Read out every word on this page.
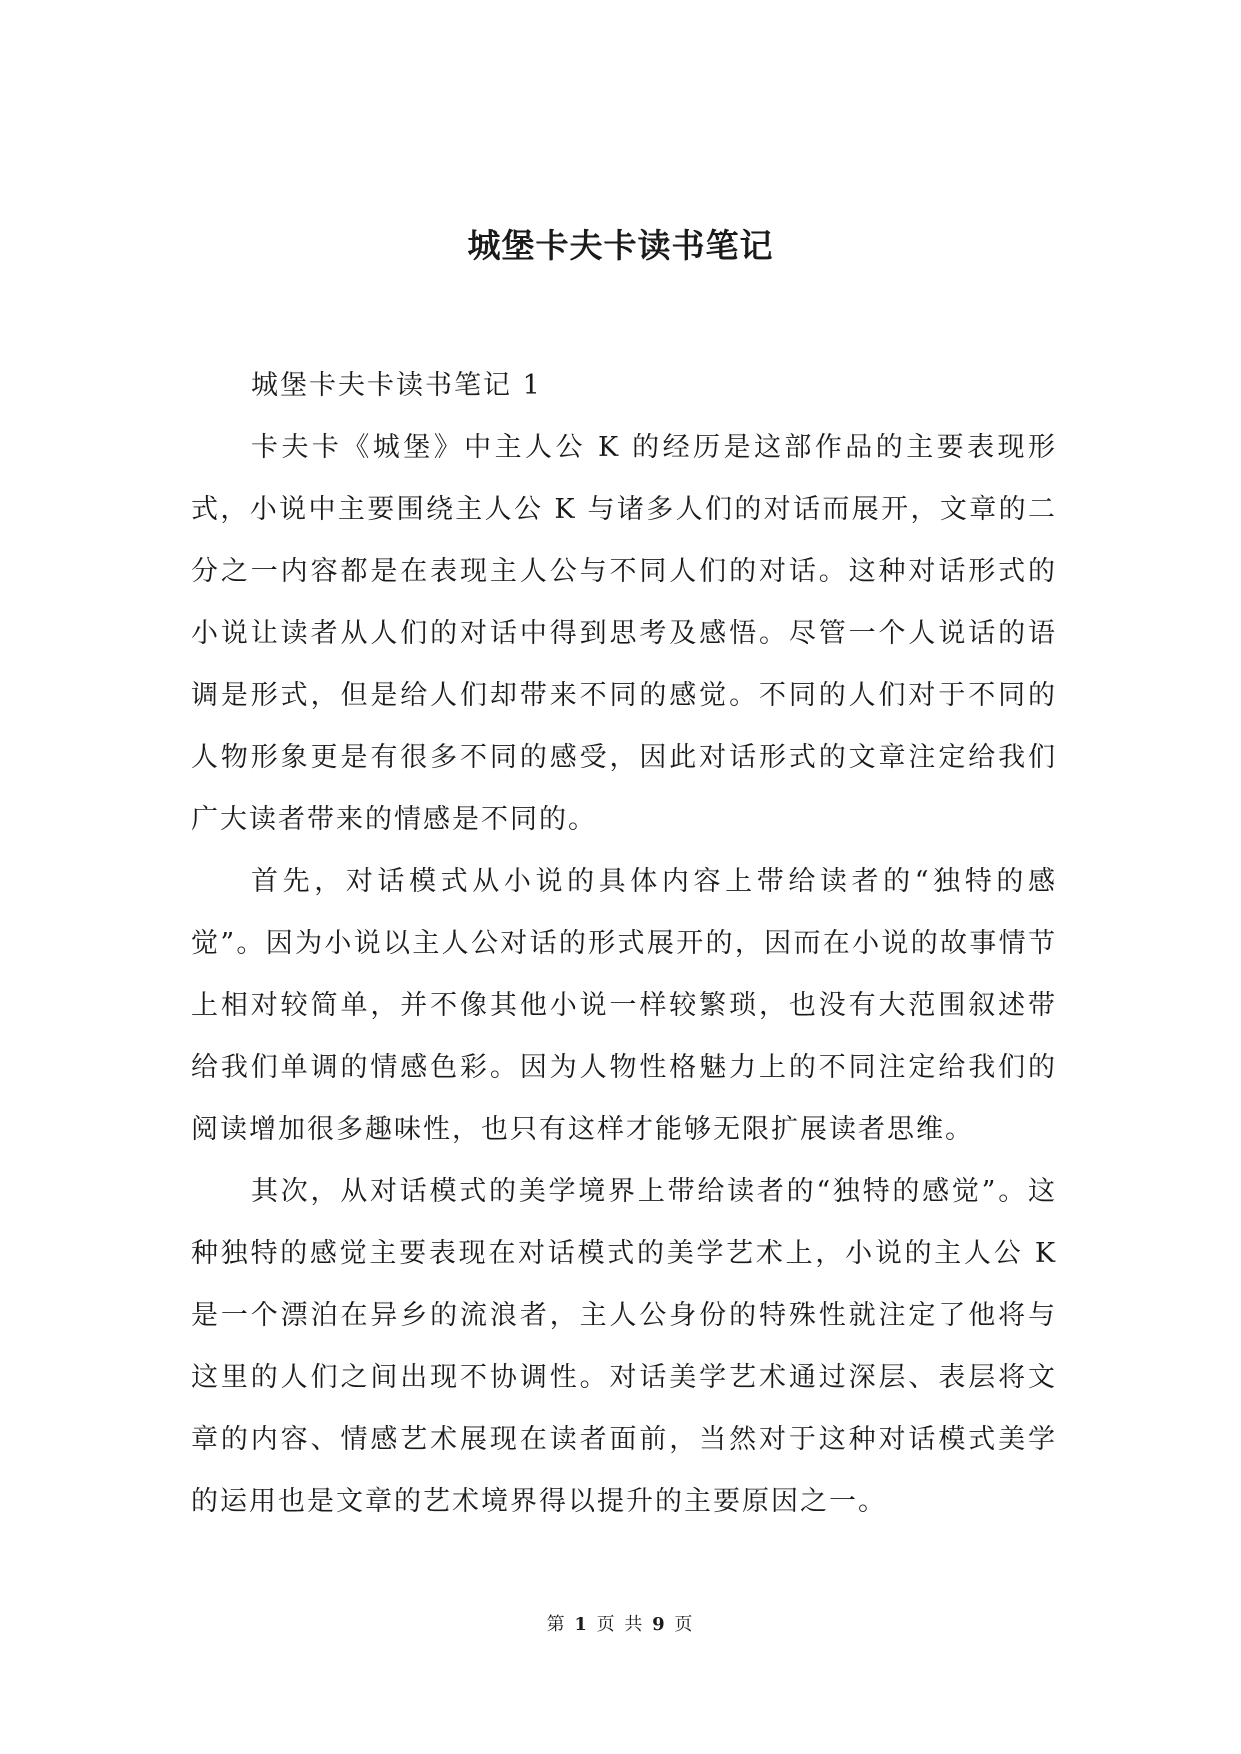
城堡卡夫卡读书笔记

城堡卡夫卡读书笔记 1

卡夫卡《城堡》中主人公 K 的经历是这部作品的主要表现形式，小说中主要围绕主人公 K 与诸多人们的对话而展开，文章的二分之一内容都是在表现主人公与不同人们的对话。这种对话形式的小说让读者从人们的对话中得到思考及感悟。尽管一个人说话的语调是形式，但是给人们却带来不同的感觉。不同的人们对于不同的人物形象更是有很多不同的感受，因此对话形式的文章注定给我们广大读者带来的情感是不同的。

首先，对话模式从小说的具体内容上带给读者的“独特的感觉”。因为小说以主人公对话的形式展开的，因而在小说的故事情节上相对较简单，并不像其他小说一样较繁琐，也没有大范围叙述带给我们单调的情感色彩。因为人物性格魅力上的不同注定给我们的阅读增加很多趣味性，也只有这样才能够无限扩展读者思维。

其次，从对话模式的美学境界上带给读者的“独特的感觉”。这种独特的感觉主要表现在对话模式的美学艺术上，小说的主人公 K 是一个漂泊在异乡的流浪者，主人公身份的特殊性就注定了他将与这里的人们之间出现不协调性。对话美学艺术通过深层、表层将文章的内容、情感艺术展现在读者面前，当然对于这种对话模式美学的运用也是文章的艺术境界得以提升的主要原因之一。

第 1 页 共 9 页
